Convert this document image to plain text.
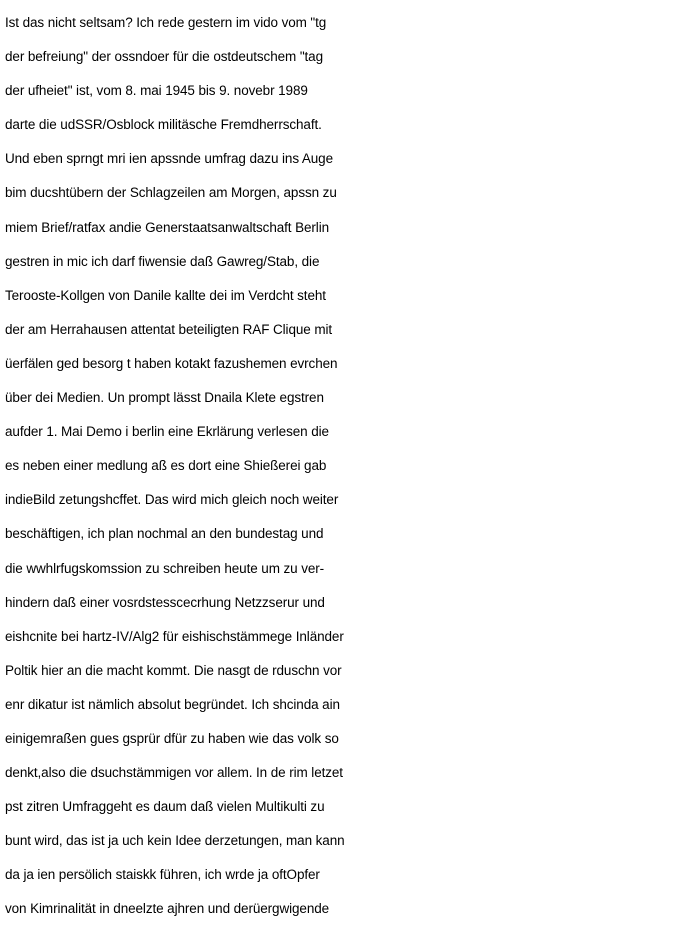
Ist das nicht seltsam? Ich rede gestern im vido vom "tg
der befreiung" der ossndoer für die ostdeutschem "tag
der ufheiet" ist, vom 8. mai 1945 bis 9. novebr 1989
darte die udSSR/Osblock militäsche Fremdherrschaft.
Und eben sprngt mri ien apssnde umfrag dazu ins Auge
bim ducshtübern der Schlagzeilen am Morgen, apssn zu
miem Brief/ratfax andie Generstaatsanwaltschaft Berlin
gestren in mic ich darf fiwensie daß Gawreg/Stab, die
Terooste-Kollgen von Danile kallte dei im Verdcht steht
der am Herrahausen attentat beteiligten RAF Clique mit
üerfälen ged besorg t haben kotakt fazushemen evrchen
über dei Medien. Un prompt lässt Dnaila Klete egstren
aufder 1. Mai Demo i berlin eine Ekrlärung verlesen die
es neben einer medlung aß es dort eine Shießerei gab
indieBild zetungshcffet. Das wird mich gleich noch weiter
beschäftigen, ich plan nochmal an den bundestag und
die wwhlrfugskomssion zu schreiben heute um zu ver-
hindern daß einer vosrdstesscecrhung Netzzserur und
eishcnite bei hartz-IV/Alg2 für eishischstämmege Inländer
Poltik hier an die macht kommt. Die nasgt de rduschn vor
enr dikatur ist nämlich absolut begründet. Ich shcinda ain
einigemraßen gues gsprür dfür zu haben wie das volk so
denkt,also die dsuchstämmigen vor allem. In de rim letzet
pst zitren Umfraggeht es daum daß vielen Multikulti zu
bunt wird, das ist ja uch kein Idee derzetungen, man kann
da ja ien persölich staiskk führen, ich wrde ja oftOpfer
von Kimrinalität in dneelzte ajhren und derüergwigende
